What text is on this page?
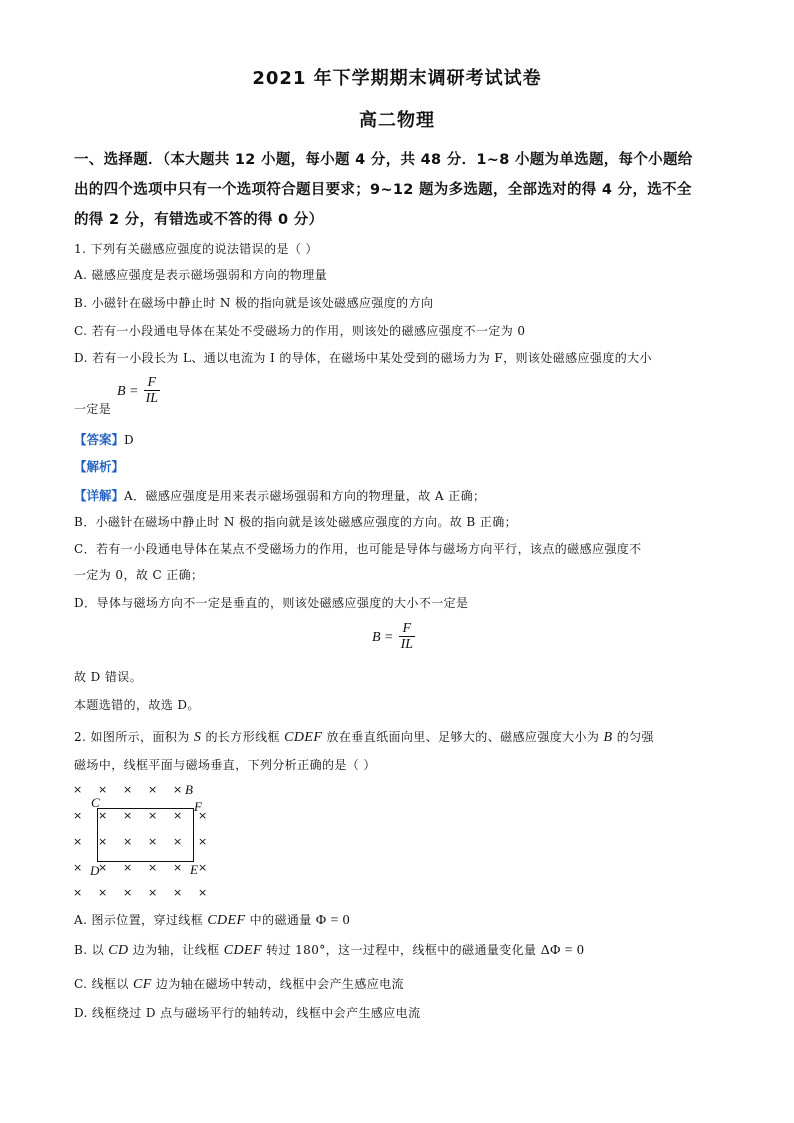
2021 年下学期期末调研考试试卷
高二物理
一、选择题．（本大题共 12 小题，每小题 4 分，共 48 分．1~8 小题为单选题，每个小题给
出的四个选项中只有一个选项符合题目要求；9~12 题为多选题，全部选对的得 4 分，选不全
的得 2 分，有错选或不答的得 0 分）
1. 下列有关磁感应强度的说法错误的是（ ）
A. 磁感应强度是表示磁场强弱和方向的物理量
B. 小磁针在磁场中静止时 N 极的指向就是该处磁感应强度的方向
C. 若有一小段通电导体在某处不受磁场力的作用，则该处的磁感应强度不一定为 0
D. 若有一小段长为 L、通以电流为 I 的导体，在磁场中某处受到的磁场力为 F，则该处磁感应强度的大小
一定是
$B = \frac{F}{IL}$
【答案】D
【解析】
【详解】A．磁感应强度是用来表示磁场强弱和方向的物理量，故 A 正确；
B．小磁针在磁场中静止时 N 极的指向就是该处磁感应强度的方向。故 B 正确；
C．若有一小段通电导体在某点不受磁场力的作用，也可能是导体与磁场方向平行，该点的磁感应强度不
一定为 0，故 C 正确；
D．导体与磁场方向不一定是垂直的，则该处磁感应强度的大小不一定是
$B = \frac{F}{IL}$
故 D 错误。
本题选错的，故选 D。
2. 如图所示，面积为 S 的长方形线框 CDEF 放在垂直纸面向里、足够大的、磁感应强度大小为 B 的匀强
磁场中，线框平面与磁场垂直，下列分析正确的是（ ）
B
C	F
D	E
× × × × ×
× × × × × ×
× × × × × ×
× × × × × ×
× × × × × ×
A. 图示位置，穿过线框 CDEF 中的磁通量 Φ = 0
B. 以 CD 边为轴，让线框 CDEF 转过 180°，这一过程中，线框中的磁通量变化量 ΔΦ = 0
C. 线框以 CF 边为轴在磁场中转动，线框中会产生感应电流
D. 线框绕过 D 点与磁场平行的轴转动，线框中会产生感应电流
